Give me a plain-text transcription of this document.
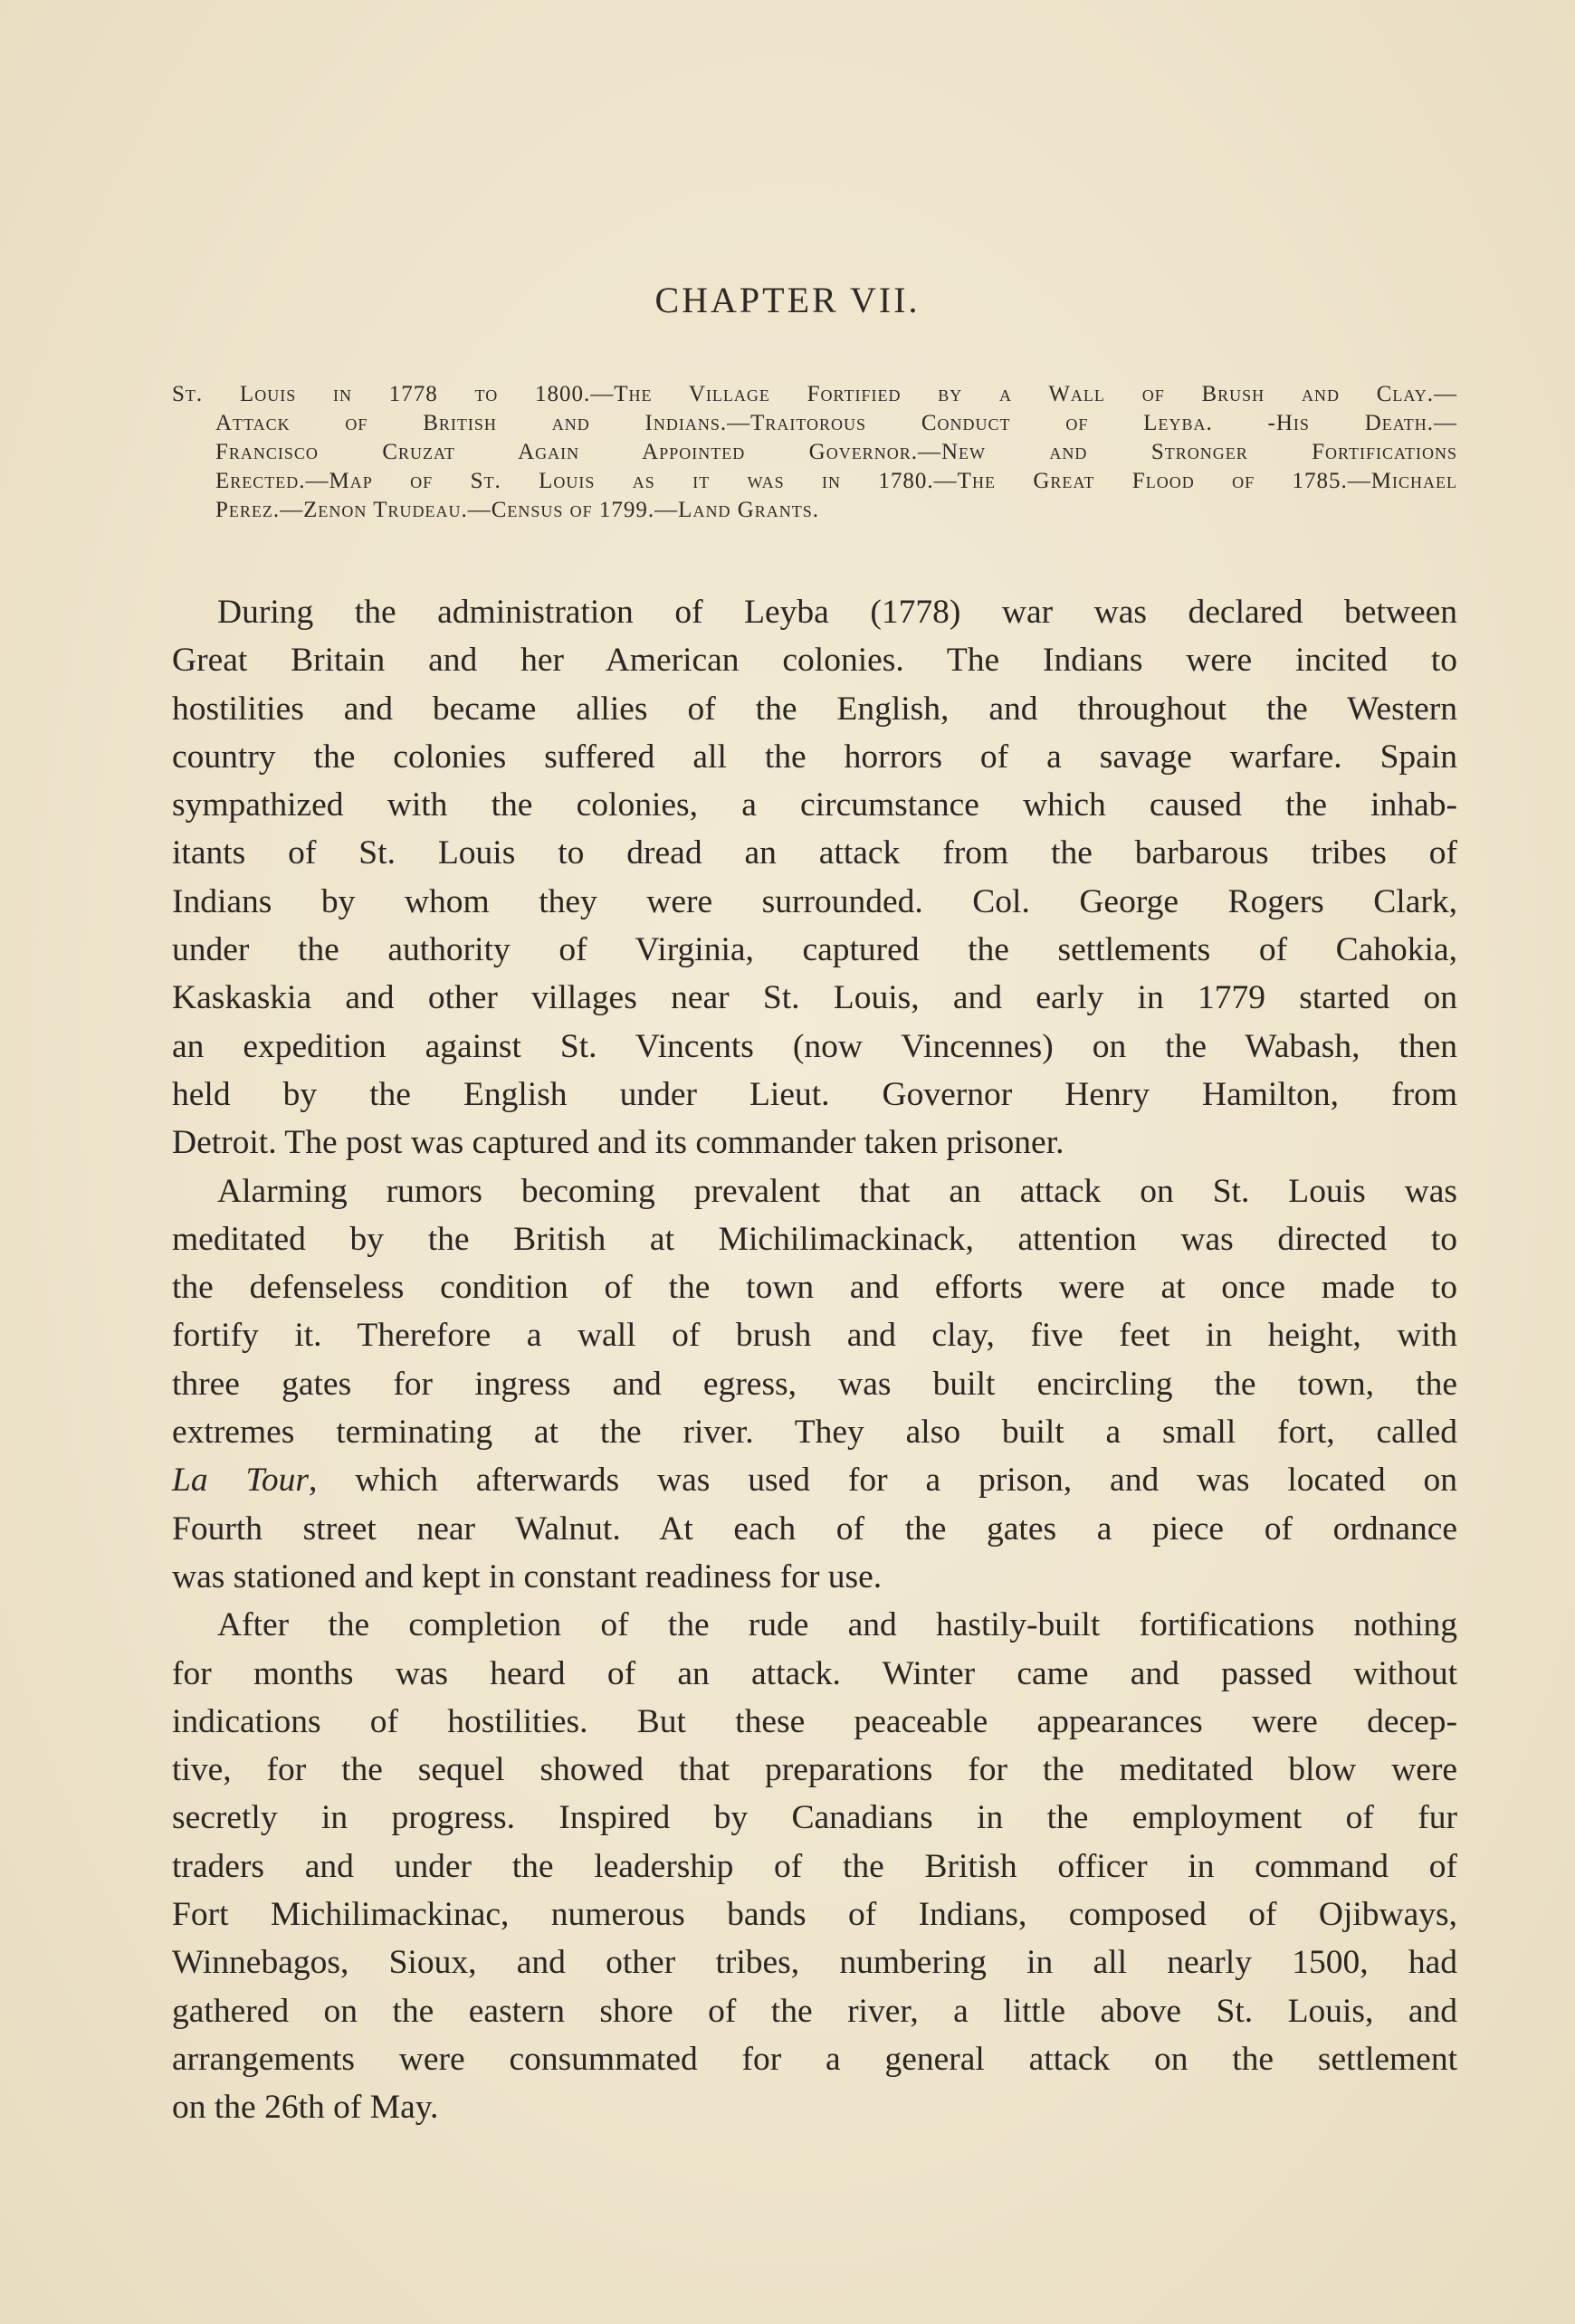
CHAPTER VII.
St. Louis in 1778 to 1800.—The Village Fortified by a Wall of Brush and Clay.—
Attack of British and Indians.—Traitorous Conduct of Leyba. -His Death.—
Francisco Cruzat Again Appointed Governor.—New and Stronger Fortifications
Erected.—Map of St. Louis as it was in 1780.—The Great Flood of 1785.—Michael
Perez.—Zenon Trudeau.—Census of 1799.—Land Grants.
During the administration of Leyba (1778) war was declared between
Great Britain and her American colonies. The Indians were incited to
hostilities and became allies of the English, and throughout the Western
country the colonies suffered all the horrors of a savage warfare. Spain
sympathized with the colonies, a circumstance which caused the inhab-
itants of St. Louis to dread an attack from the barbarous tribes of
Indians by whom they were surrounded. Col. George Rogers Clark,
under the authority of Virginia, captured the settlements of Cahokia,
Kaskaskia and other villages near St. Louis, and early in 1779 started on
an expedition against St. Vincents (now Vincennes) on the Wabash, then
held by the English under Lieut. Governor Henry Hamilton, from
Detroit. The post was captured and its commander taken prisoner.
Alarming rumors becoming prevalent that an attack on St. Louis was
meditated by the British at Michilimackinack, attention was directed to
the defenseless condition of the town and efforts were at once made to
fortify it. Therefore a wall of brush and clay, five feet in height, with
three gates for ingress and egress, was built encircling the town, the
extremes terminating at the river. They also built a small fort, called
La Tour, which afterwards was used for a prison, and was located on
Fourth street near Walnut. At each of the gates a piece of ordnance
was stationed and kept in constant readiness for use.
After the completion of the rude and hastily-built fortifications nothing
for months was heard of an attack. Winter came and passed without
indications of hostilities. But these peaceable appearances were decep-
tive, for the sequel showed that preparations for the meditated blow were
secretly in progress. Inspired by Canadians in the employment of fur
traders and under the leadership of the British officer in command of
Fort Michilimackinac, numerous bands of Indians, composed of Ojibways,
Winnebagos, Sioux, and other tribes, numbering in all nearly 1500, had
gathered on the eastern shore of the river, a little above St. Louis, and
arrangements were consummated for a general attack on the settlement
on the 26th of May.
